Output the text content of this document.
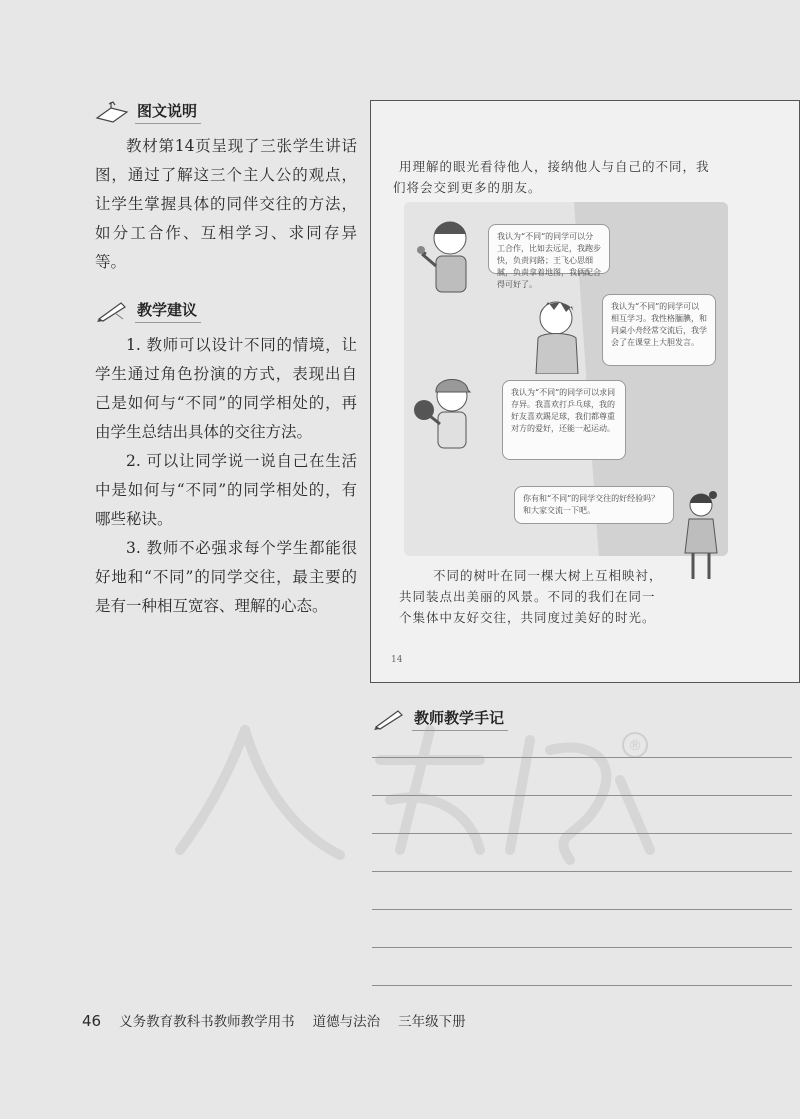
®
图文说明

教材第14页呈现了三张学生讲话图，通过了解这三个主人公的观点，让学生掌握具体的同伴交往的方法，如分工合作、互相学习、求同存异等。

教学建议

1. 教师可以设计不同的情境，让学生通过角色扮演的方式，表现出自己是如何与“不同”的同学相处的，再由学生总结出具体的交往方法。

2. 可以让同学说一说自己在生活中是如何与“不同”的同学相处的，有哪些秘诀。

3. 教师不必强求每个学生都能很好地和“不同”的同学交往，最主要的是有一种相互宽容、理解的心态。

用理解的眼光看待他人，接纳他人与自己的不同，我
们将会交到更多的朋友。
我认为“不同”的同学可以分工合作，比如去远足，我跑步快，负责问路；王飞心思细腻，负责拿着地图，我俩配合得可好了。
我认为“不同”的同学可以相互学习。我性格腼腆，和同桌小舟经常交流后，我学会了在课堂上大胆发言。
我认为“不同”的同学可以求同存异。我喜欢打乒乓球，我的好友喜欢踢足球，我们都尊重对方的爱好，还能一起运动。
你有和“不同”的同学交往的好经验吗？和大家交流一下吧。
不同的树叶在同一棵大树上互相映衬，
共同装点出美丽的风景。不同的我们在同一
个集体中友好交往，共同度过美好的时光。
14
教师教学手记
46 义务教育教科书教师教学用书 道德与法治 三年级下册
